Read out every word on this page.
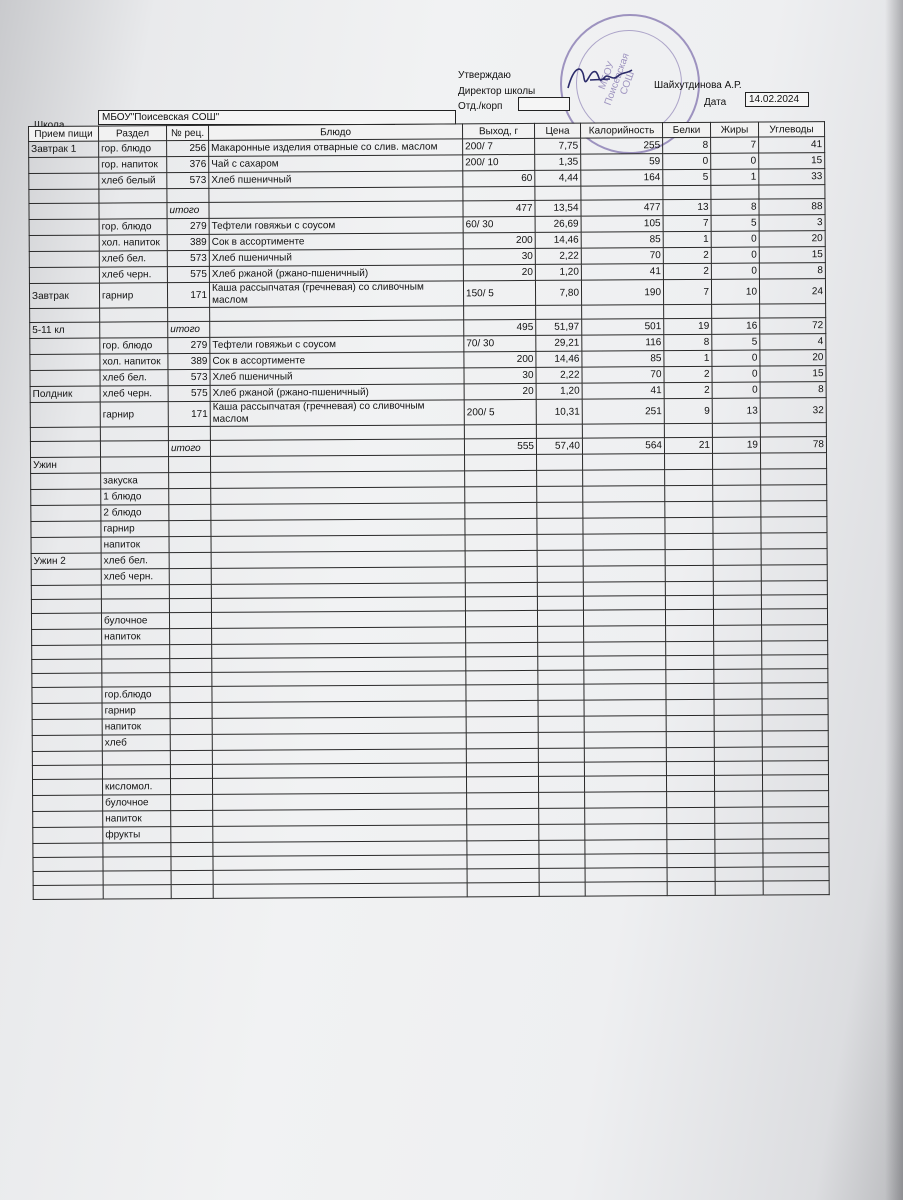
МБОУ Поисевская СОШ
Утверждаю
Директор школы
Отд./корп
Шайхутдинова А.Р.
Дата	14.02.2024
МБОУ"Поисевская СОШ"
Прием пищи	Раздел	№ рец.	Блюдо	Выход, г	Цена	Калорийность	Белки	Жиры	Углеводы
Завтрак 1	гор. блюдо	256	Макаронные изделия отварные со слив. маслом	200/ 7	7,75	255	8	7	41
	гор. напиток	376	Чай с сахаром	200/ 10	1,35	59	0	0	15
	хлеб белый	573	Хлеб пшеничный	60	4,44	164	5	1	33

		итого		477	13,54	477	13	8	88
	гор. блюдо	279	Тефтели говяжьи с соусом	60/ 30	26,69	105	7	5	3
	хол. напиток	389	Сок в ассортименте	200	14,46	85	1	0	20
	хлеб бел.	573	Хлеб пшеничный	30	2,22	70	2	0	15
	хлеб черн.	575	Хлеб ржаной (ржано-пшеничный)	20	1,20	41	2	0	8
Завтрак	гарнир	171	Каша рассыпчатая (гречневая) со сливочным маслом	150/ 5	7,80	190	7	10	24

5-11 кл		итого		495	51,97	501	19	16	72
	гор. блюдо	279	Тефтели говяжьи с соусом	70/ 30	29,21	116	8	5	4
	хол. напиток	389	Сок в ассортименте	200	14,46	85	1	0	20
	хлеб бел.	573	Хлеб пшеничный	30	2,22	70	2	0	15
Полдник	хлеб черн.	575	Хлеб ржаной (ржано-пшеничный)	20	1,20	41	2	0	8
	гарнир	171	Каша рассыпчатая (гречневая) со сливочным маслом	200/ 5	10,31	251	9	13	32

		итого		555	57,40	564	21	19	78
Ужин									
	закуска								
	1 блюдо								
	2 блюдо								
	гарнир								
	напиток								
Ужин 2	хлеб бел.								
	хлеб черн.								

	булочное								
	напиток								

	гор.блюдо								
	гарнир								
	напиток								
	хлеб								

	кисломол.								
	булочное								
	напиток								
	фрукты								
